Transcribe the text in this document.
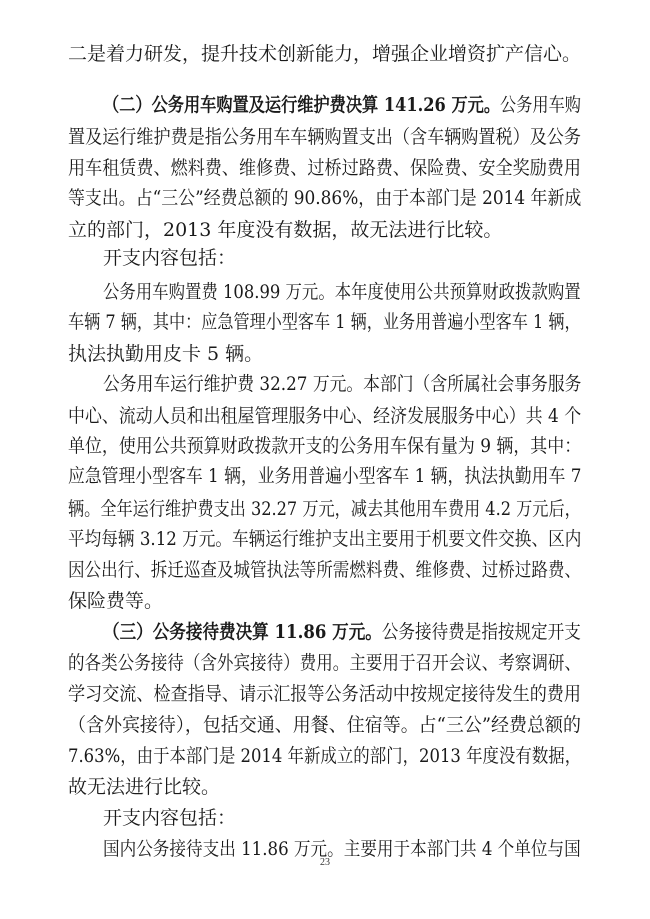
二是着力研发，提升技术创新能力，增强企业增资扩产信心。
（二）公务用车购置及运行维护费决算 141.26 万元。公务用车购
置及运行维护费是指公务用车车辆购置支出（含车辆购置税）及公务
用车租赁费、燃料费、维修费、过桥过路费、保险费、安全奖励费用
等支出。占“三公”经费总额的 90.86%，由于本部门是 2014 年新成
立的部门，2013 年度没有数据，故无法进行比较。
开支内容包括：
公务用车购置费 108.99 万元。本年度使用公共预算财政拨款购置
车辆 7 辆，其中：应急管理小型客车 1 辆，业务用普遍小型客车 1 辆，
执法执勤用皮卡 5 辆。
公务用车运行维护费 32.27 万元。本部门（含所属社会事务服务
中心、流动人员和出租屋管理服务中心、经济发展服务中心）共 4 个
单位，使用公共预算财政拨款开支的公务用车保有量为 9 辆，其中：
应急管理小型客车 1 辆，业务用普遍小型客车 1 辆，执法执勤用车 7
辆。全年运行维护费支出 32.27 万元，减去其他用车费用 4.2 万元后，
平均每辆 3.12 万元。车辆运行维护支出主要用于机要文件交换、区内
因公出行、拆迁巡查及城管执法等所需燃料费、维修费、过桥过路费、
保险费等。
（三）公务接待费决算 11.86 万元。公务接待费是指按规定开支
的各类公务接待（含外宾接待）费用。主要用于召开会议、考察调研、
学习交流、检查指导、请示汇报等公务活动中按规定接待发生的费用
（含外宾接待），包括交通、用餐、住宿等。占“三公”经费总额的
7.63%，由于本部门是 2014 年新成立的部门，2013 年度没有数据，
故无法进行比较。
开支内容包括：
国内公务接待支出 11.86 万元。主要用于本部门共 4 个单位与国
23
